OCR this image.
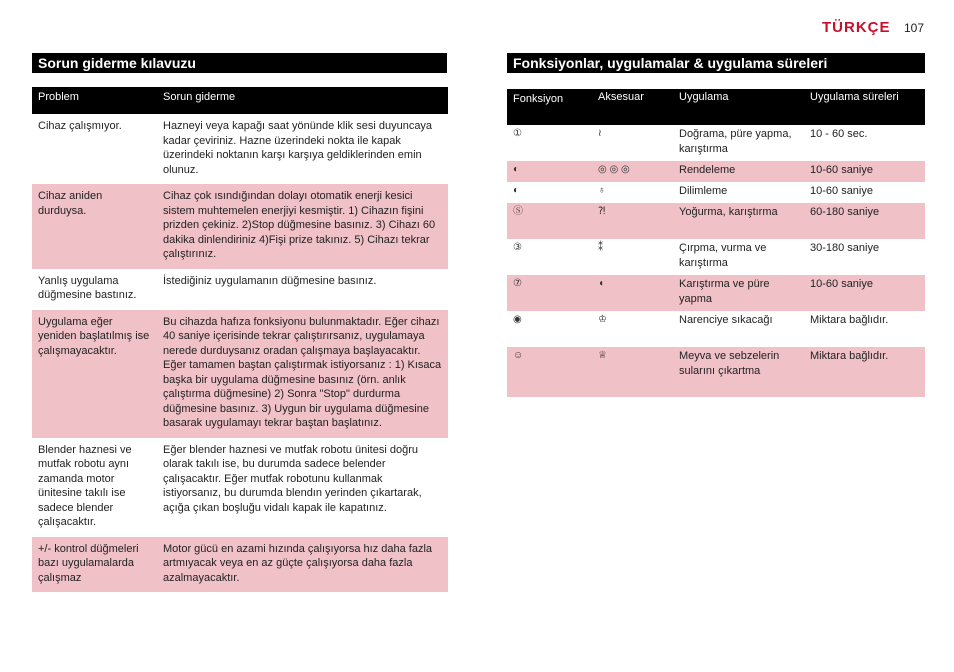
TÜRKÇE 107
Sorun giderme kılavuzu	Fonksiyonlar, uygulamalar & uygulama süreleri
Problem	Sorun giderme
Cihaz çalışmıyor.	Hazneyi veya kapağı saat yönünde klik sesi duyuncaya kadar çeviriniz. Hazne üzerindeki nokta ile kapak üzerindeki noktanın karşı karşıya geldiklerinden emin olunuz.
Cihaz aniden durduysa.	Cihaz çok ısındığından dolayı otomatik enerji kesici sistem muhtemelen enerjiyi kesmiştir. 1) Cihazın fişini prizden çekiniz. 2)Stop düğmesine basınız. 3) Cihazı 60 dakika dinlendiriniz 4)Fişi prize takınız. 5) Cihazı tekrar çalıştırınız.
Yanlış uygulama düğmesine bastınız.	İstediğiniz uygulamanın düğmesine basınız.
Uygulama eğer yeniden başlatılmış ise çalışmayacaktır.	Bu cihazda hafıza fonksiyonu bulunmaktadır. Eğer cihazı 40 saniye içerisinde tekrar çalıştırırsanız, uygulamaya nerede durduysanız oradan çalışmaya başlayacaktır. Eğer tamamen baştan çalıştırmak istiyorsanız : 1) Kısaca başka bir uygulama düğmesine basınız (örn. anlık çalıştırma düğmesine) 2) Sonra "Stop" durdurma düğmesine basınız. 3) Uygun bir uygulama düğmesine basarak uygulamayı tekrar baştan başlatınız.
Blender haznesi ve mutfak robotu aynı zamanda motor ünitesine takılı ise sadece blender çalışacaktır.	Eğer blender haznesi ve mutfak robotu ünitesi doğru olarak takılı ise, bu durumda sadece belender çalışacaktır. Eğer mutfak robotunu kullanmak istiyorsanız, bu durumda blendın yerinden çıkartarak, açığa çıkan boşluğu vidalı kapak ile kapatınız.
+/- kontrol düğmeleri bazı uygulamalarda çalışmaz	Motor gücü en azami hızında çalışıyorsa hız daha fazla artmıyacak veya en az güçte çalışıyorsa daha fazla azalmayacaktır.
Fonksiyon	Aksesuar	Uygulama	Uygulama süreleri
①	≀	Doğrama, püre yapma, karıştırma	10 - 60 sec.
◐	◎ ◎ ◎	Rendeleme	10-60 saniye
◐	♁	Dilimleme	10-60 saniye
Ⓢ	⁈	Yoğurma, karıştırma	60-180 saniye
③	⁑	Çırpma, vurma ve karıştırma	30-180 saniye
⑦	◖	Karıştırma ve püre yapma	10-60 saniye
◉	♔	Narenciye sıkacağı	Miktara bağlıdır.
☺	♕	Meyva ve sebzelerin sularını çıkartma	Miktara bağlıdır.
